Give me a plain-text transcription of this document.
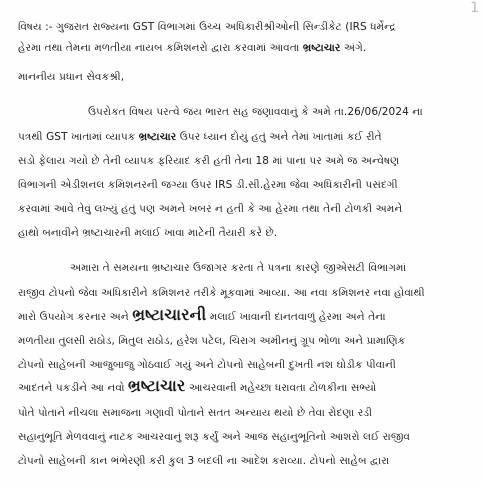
1
વિષય :- ગુજરાત રાજ્યના GST વિભાગમાં ઉચ્ચ અધિકારીશ્રીઓની સિન્ડીકેટ (IRS ધર્મેન્દ્ર
હેરમા તથા તેમના મળતીયા નાયબ કમિશનરો દ્વારા કરવામાં આવતા ભ્રષ્ટાચાર અંગે.
માનનીય પ્રધાન સેવકશ્રી,
ઉપરોકત વિષય પરત્વે જય ભારત સહ જણાવવાનું કે અમે તા.26/06/2024 ના
પત્રથી GST ખાતામાં વ્યાપક ભ્રષ્ટાચાર ઉપર ધ્યાન દોયું હતું અને તેમાં ખાતામાં કઈ રીતે
સડો ફેલાય ગયો છે તેની વ્યાપક ફરિયાદ કરી હતી તેના 18 માં પાના પર અમે જ અન્વેષણ
વિભાગની એડીશનલ કમિશનરની જગ્યા ઉપર IRS ડી.સી.હેરમા જેવા અધિકારીની પસંદગી
કરવામાં આવે તેવું લખ્યું હતું પણ અમને ખબર ન હતી કે આ હેરમા તથા તેની ટોળકી અમને
હાથો બનાવીને ભ્રષ્ટાચારની મલાઈ ખાવા માટેની તૈયારી કરે છે.
અમારા તે સમયના ભ્રષ્ટાચાર ઉજાગર કરતા તે પત્રના કારણે જીએસટી વિભાગમાં
રાજીવ ટોપનો જેવા અધિકારીને કમિશનર તરીકે મૂકવામાં આવ્યા. આ નવા કમિશનર નવા હોવાથી
મારો ઉપયોગ કરનાર અને ભ્રષ્ટાચારની મલાઈ ખાવાની દાનતવાળું હેરમા અને તેના
મળતીયા તુલસી રાઠોડ, મિતુલ રાઠોડ, હરેશ પટેલ, ચિરાગ અમીનનું ગ્રૂપ ભોળા અને પ્રામાણિક
ટોપનો સાહેબની આજુબાજુ ગોઠવાઈ ગયું અને ટોપનો સાહેબની દુખતી નશ ઘોડીક પીવાની
આદતને પકડીને આ નવો ભ્રષ્ટાચાર આચરવાની મહેચ્છા ધરાવતા ટોળકીના સભ્યો
પોતે પોતાને નીચલા સમાજના ગણાવી પોતાને સતત અન્યાય થયો છે તેવા રોદણા રડી
સહાનુભૂતિ મેળવવાનું નાટક આચરવાનું શરૂ કર્યું અને આજ સહાનુભૂતિનો આશરો લઈ રાજીવ
ટોપનો સાહેબની કાન ભંભેરણી કરી કુલ 3 બદલી ના આદેશ કરાવ્યા. ટોપનો સાહેબ દ્વારા
